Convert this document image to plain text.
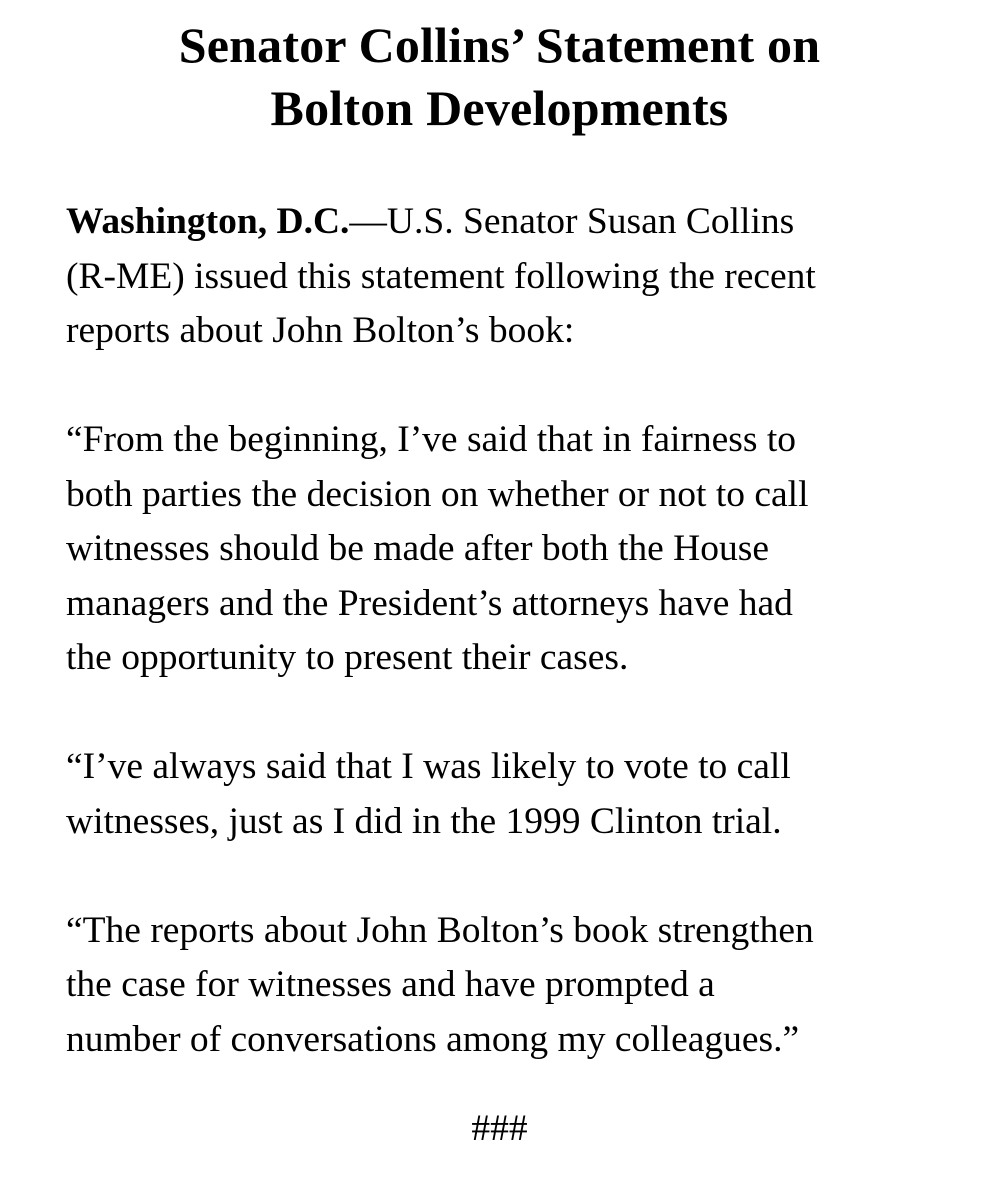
Senator Collins’ Statement on
Bolton Developments

Washington, D.C.—U.S. Senator Susan Collins
(R-ME) issued this statement following the recent
reports about John Bolton’s book:

“From the beginning, I’ve said that in fairness to
both parties the decision on whether or not to call
witnesses should be made after both the House
managers and the President’s attorneys have had
the opportunity to present their cases.

“I’ve always said that I was likely to vote to call
witnesses, just as I did in the 1999 Clinton trial.

“The reports about John Bolton’s book strengthen
the case for witnesses and have prompted a
number of conversations among my colleagues.”

###
